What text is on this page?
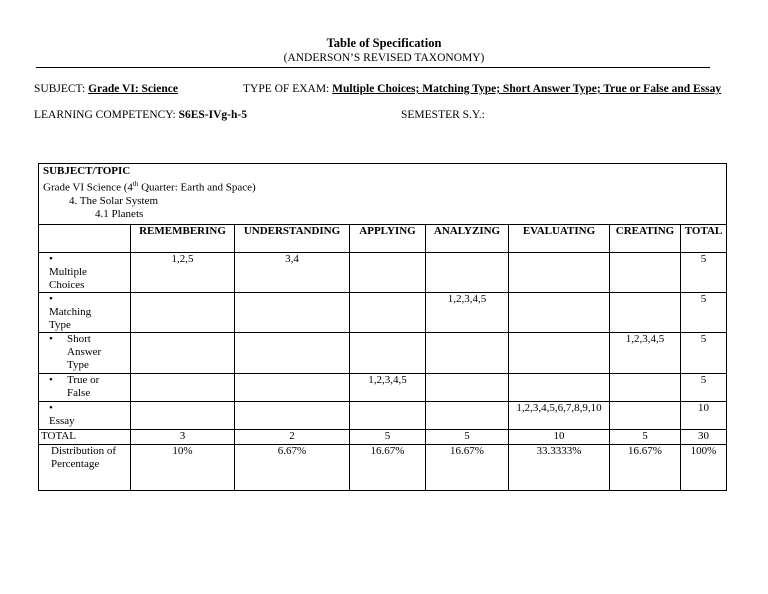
Table of Specification
(ANDERSON’S REVISED TAXONOMY)
SUBJECT: Grade VI: Science	TYPE OF EXAM: Multiple Choices; Matching Type; Short Answer Type; True or False and Essay
LEARNING COMPETENCY: S6ES-IVg-h-5	SEMESTER S.Y.:
SUBJECT/TOPIC
Grade VI Science (4th Quarter: Earth and Space)
4. The Solar System
4.1 Planets							

	REMEMBERING	UNDERSTANDING	APPLYING	ANALYZING	EVALUATING	CREATING	TOTAL
•Multiple Choices	1,2,5	3,4					5
•Matching Type				1,2,3,4,5			5
• Short Answer Type						1,2,3,4,5	5
• True or False			1,2,3,4,5				5
•Essay					1,2,3,4,5,6,7,8,9,10		10
TOTAL	3	2	5	5	10	5	30
Distribution of Percentage	10%	6.67%	16.67%	16.67%	33.3333%	16.67%	100%
